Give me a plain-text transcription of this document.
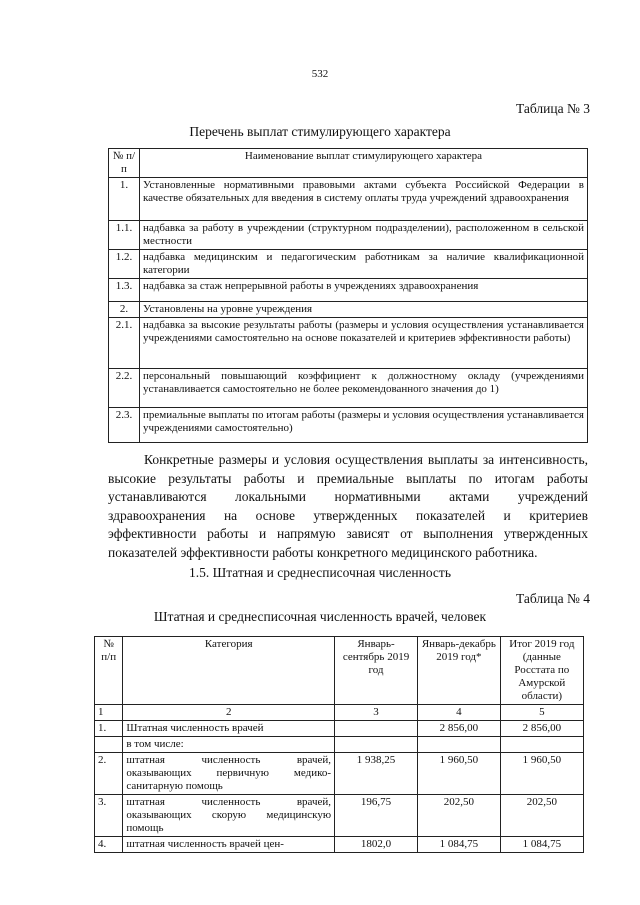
532
Таблица № 3
Перечень выплат стимулирующего характера
№ п/п	Наименование выплат стимулирующего характера
1.	Установленные нормативными правовыми актами субъекта Российской Федерации в качестве обязательных для введения в систему оплаты труда учреждений здравоохранения
1.1.	надбавка за работу в учреждении (структурном подразделении), расположенном в сельской местности
1.2.	надбавка медицинским и педагогическим работникам за наличие квалификационной категории
1.3.	надбавка за стаж непрерывной работы в учреждениях здравоохранения
2.	Установлены на уровне учреждения
2.1.	надбавка за высокие результаты работы (размеры и условия осуществления устанавливается учреждениями самостоятельно на основе показателей и критериев эффективности работы)
2.2.	персональный повышающий коэффициент к должностному окладу (учреждениями устанавливается самостоятельно не более рекомендованного значения до 1)
2.3.	премиальные выплаты по итогам работы (размеры и условия осуществления устанавливается учреждениями самостоятельно)

Конкретные размеры и условия осуществления выплаты за интенсивность, высокие результаты работы и премиальные выплаты по итогам работы устанавливаются локальными нормативными актами учреждений здравоохранения на основе утвержденных показателей и критериев эффективности работы и напрямую зависят от выполнения утвержденных показателей эффективности работы конкретного медицинского работника.

1.5. Штатная и среднесписочная численность
Таблица № 4
Штатная и среднесписочная численность врачей, человек
№ п/п	Категория	Январь-сентябрь 2019 год	Январь-декабрь 2019 год*	Итог 2019 год (данные Росстата по Амурской области)
1	2	3	4	5
1.	Штатная численность врачей		2 856,00	2 856,00
	в том числе:			
2.	штатная численность врачей, оказывающих первичную медико-санитарную помощь	1 938,25	1 960,50	1 960,50
3.	штатная численность врачей, оказывающих скорую медицинскую помощь	196,75	202,50	202,50
4.	штатная численность врачей цен-	1802,0	1 084,75	1 084,75
